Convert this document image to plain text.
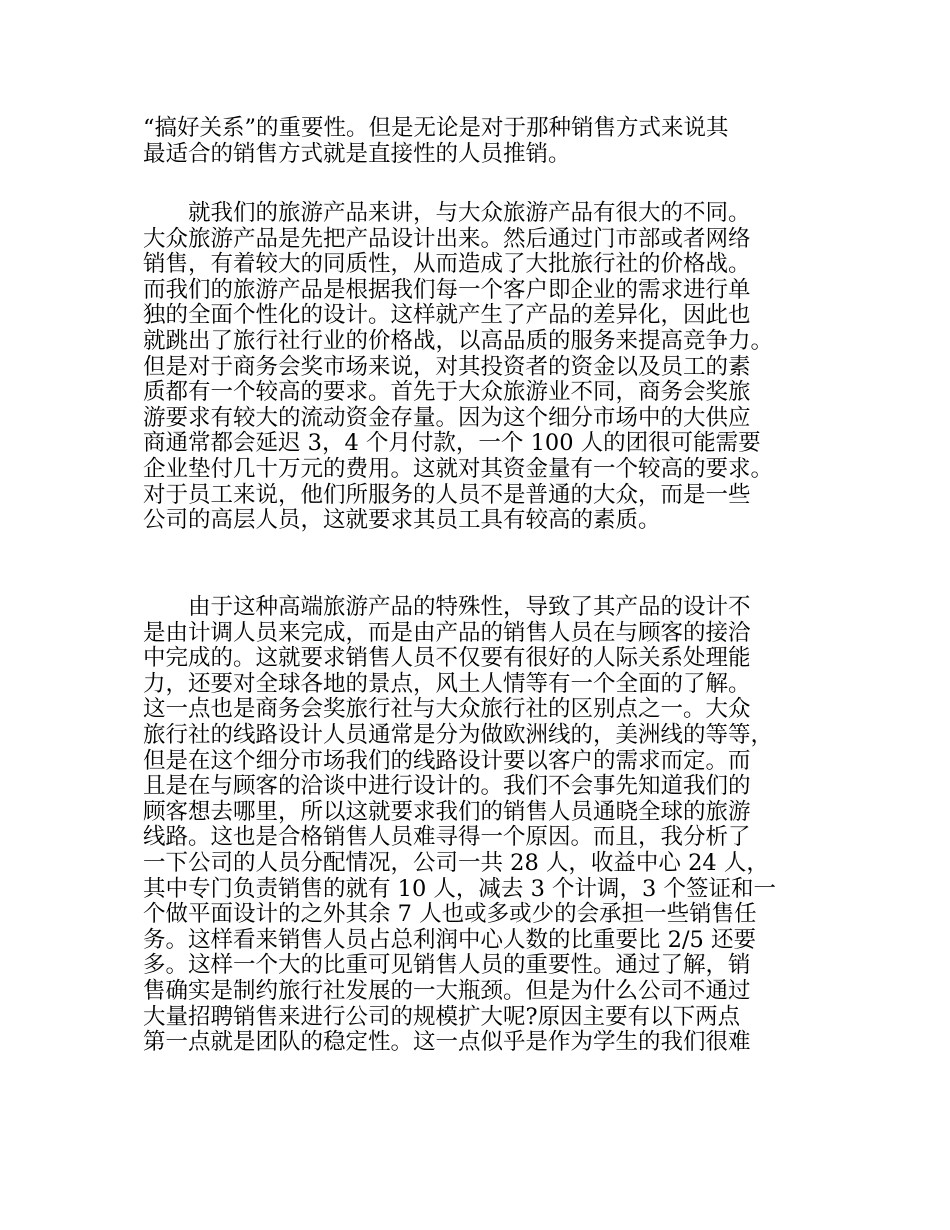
“搞好关系”的重要性。但是无论是对于那种销售方式来说其
最适合的销售方式就是直接性的人员推销。
就我们的旅游产品来讲，与大众旅游产品有很大的不同。
大众旅游产品是先把产品设计出来。然后通过门市部或者网络
销售，有着较大的同质性，从而造成了大批旅行社的价格战。
而我们的旅游产品是根据我们每一个客户即企业的需求进行单
独的全面个性化的设计。这样就产生了产品的差异化，因此也
就跳出了旅行社行业的价格战，以高品质的服务来提高竞争力。
但是对于商务会奖市场来说，对其投资者的资金以及员工的素
质都有一个较高的要求。首先于大众旅游业不同，商务会奖旅
游要求有较大的流动资金存量。因为这个细分市场中的大供应
商通常都会延迟 3，4 个月付款，一个 100 人的团很可能需要
企业垫付几十万元的费用。这就对其资金量有一个较高的要求。
对于员工来说，他们所服务的人员不是普通的大众，而是一些
公司的高层人员，这就要求其员工具有较高的素质。
由于这种高端旅游产品的特殊性，导致了其产品的设计不
是由计调人员来完成，而是由产品的销售人员在与顾客的接洽
中完成的。这就要求销售人员不仅要有很好的人际关系处理能
力，还要对全球各地的景点，风土人情等有一个全面的了解。
这一点也是商务会奖旅行社与大众旅行社的区别点之一。大众
旅行社的线路设计人员通常是分为做欧洲线的，美洲线的等等，
但是在这个细分市场我们的线路设计要以客户的需求而定。而
且是在与顾客的洽谈中进行设计的。我们不会事先知道我们的
顾客想去哪里，所以这就要求我们的销售人员通晓全球的旅游
线路。这也是合格销售人员难寻得一个原因。而且，我分析了
一下公司的人员分配情况，公司一共 28 人，收益中心 24 人，
其中专门负责销售的就有 10 人，减去 3 个计调，3 个签证和一
个做平面设计的之外其余 7 人也或多或少的会承担一些销售任
务。这样看来销售人员占总利润中心人数的比重要比 2/5 还要
多。这样一个大的比重可见销售人员的重要性。通过了解，销
售确实是制约旅行社发展的一大瓶颈。但是为什么公司不通过
大量招聘销售来进行公司的规模扩大呢?原因主要有以下两点
第一点就是团队的稳定性。这一点似乎是作为学生的我们很难
